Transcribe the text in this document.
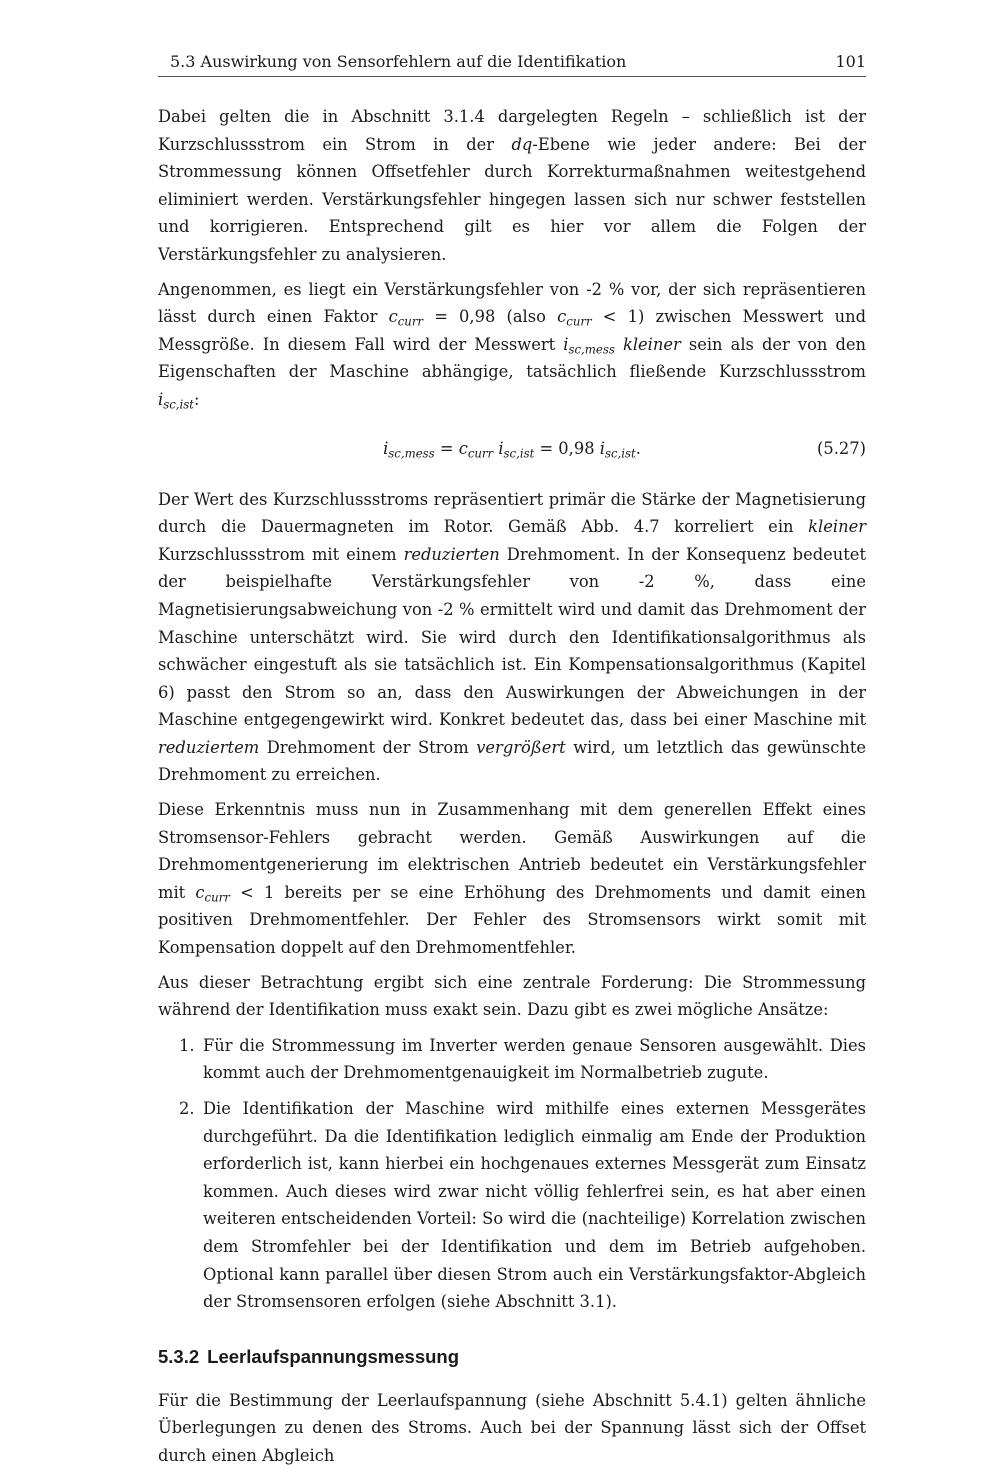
5.3 Auswirkung von Sensorfehlern auf die Identifikation	101

Dabei gelten die in Abschnitt 3.1.4 dargelegten Regeln – schließlich ist der Kurzschlussstrom ein Strom in der dq-Ebene wie jeder andere: Bei der Strommessung können Offsetfehler durch Korrekturmaßnahmen weitestgehend eliminiert werden. Verstärkungsfehler hingegen lassen sich nur schwer feststellen und korrigieren. Entsprechend gilt es hier vor allem die Folgen der Verstärkungsfehler zu analysieren.

Angenommen, es liegt ein Verstärkungsfehler von -2 % vor, der sich repräsentieren lässt durch einen Faktor $c_{curr} = 0,98$ (also $c_{curr} < 1$) zwischen Messwert und Messgröße. In diesem Fall wird der Messwert $i_{sc,mess}$ kleiner sein als der von den Eigenschaften der Maschine abhängige, tatsächlich fließende Kurzschlussstrom $i_{sc,ist}$:

$i_{sc,mess} = c_{curr}$ $i_{sc,ist} = 0,98$ $i_{sc,ist}$.	(5.27)

Der Wert des Kurzschlussstroms repräsentiert primär die Stärke der Magnetisierung durch die Dauermagneten im Rotor. Gemäß Abb. 4.7 korreliert ein kleiner Kurzschlussstrom mit einem reduzierten Drehmoment. In der Konsequenz bedeutet der beispielhafte Verstärkungsfehler von -2 %, dass eine Magnetisierungsabweichung von -2 % ermittelt wird und damit das Drehmoment der Maschine unterschätzt wird. Sie wird durch den Identifikationsalgorithmus als schwächer eingestuft als sie tatsächlich ist. Ein Kompensationsalgorithmus (Kapitel 6) passt den Strom so an, dass den Auswirkungen der Abweichungen in der Maschine entgegengewirkt wird. Konkret bedeutet das, dass bei einer Maschine mit reduziertem Drehmoment der Strom vergrößert wird, um letztlich das gewünschte Drehmoment zu erreichen.

Diese Erkenntnis muss nun in Zusammenhang mit dem generellen Effekt eines Stromsensor-Fehlers gebracht werden. Gemäß Auswirkungen auf die Drehmomentgenerierung im elektrischen Antrieb bedeutet ein Verstärkungsfehler mit $c_{curr} < 1$ bereits per se eine Erhöhung des Drehmoments und damit einen positiven Drehmomentfehler. Der Fehler des Stromsensors wirkt somit mit Kompensation doppelt auf den Drehmomentfehler.

Aus dieser Betrachtung ergibt sich eine zentrale Forderung: Die Strommessung während der Identifikation muss exakt sein. Dazu gibt es zwei mögliche Ansätze:

1. Für die Strommessung im Inverter werden genaue Sensoren ausgewählt. Dies kommt auch der Drehmomentgenauigkeit im Normalbetrieb zugute.
2. Die Identifikation der Maschine wird mithilfe eines externen Messgerätes durchgeführt. Da die Identifikation lediglich einmalig am Ende der Produktion erforderlich ist, kann hierbei ein hochgenaues externes Messgerät zum Einsatz kommen. Auch dieses wird zwar nicht völlig fehlerfrei sein, es hat aber einen weiteren entscheidenden Vorteil: So wird die (nachteilige) Korrelation zwischen dem Stromfehler bei der Identifikation und dem im Betrieb aufgehoben. Optional kann parallel über diesen Strom auch ein Verstärkungsfaktor-Abgleich der Stromsensoren erfolgen (siehe Abschnitt 3.1).
5.3.2 Leerlaufspannungsmessung

Für die Bestimmung der Leerlaufspannung (siehe Abschnitt 5.4.1) gelten ähnliche Überlegungen zu denen des Stroms. Auch bei der Spannung lässt sich der Offset durch einen Abgleich
